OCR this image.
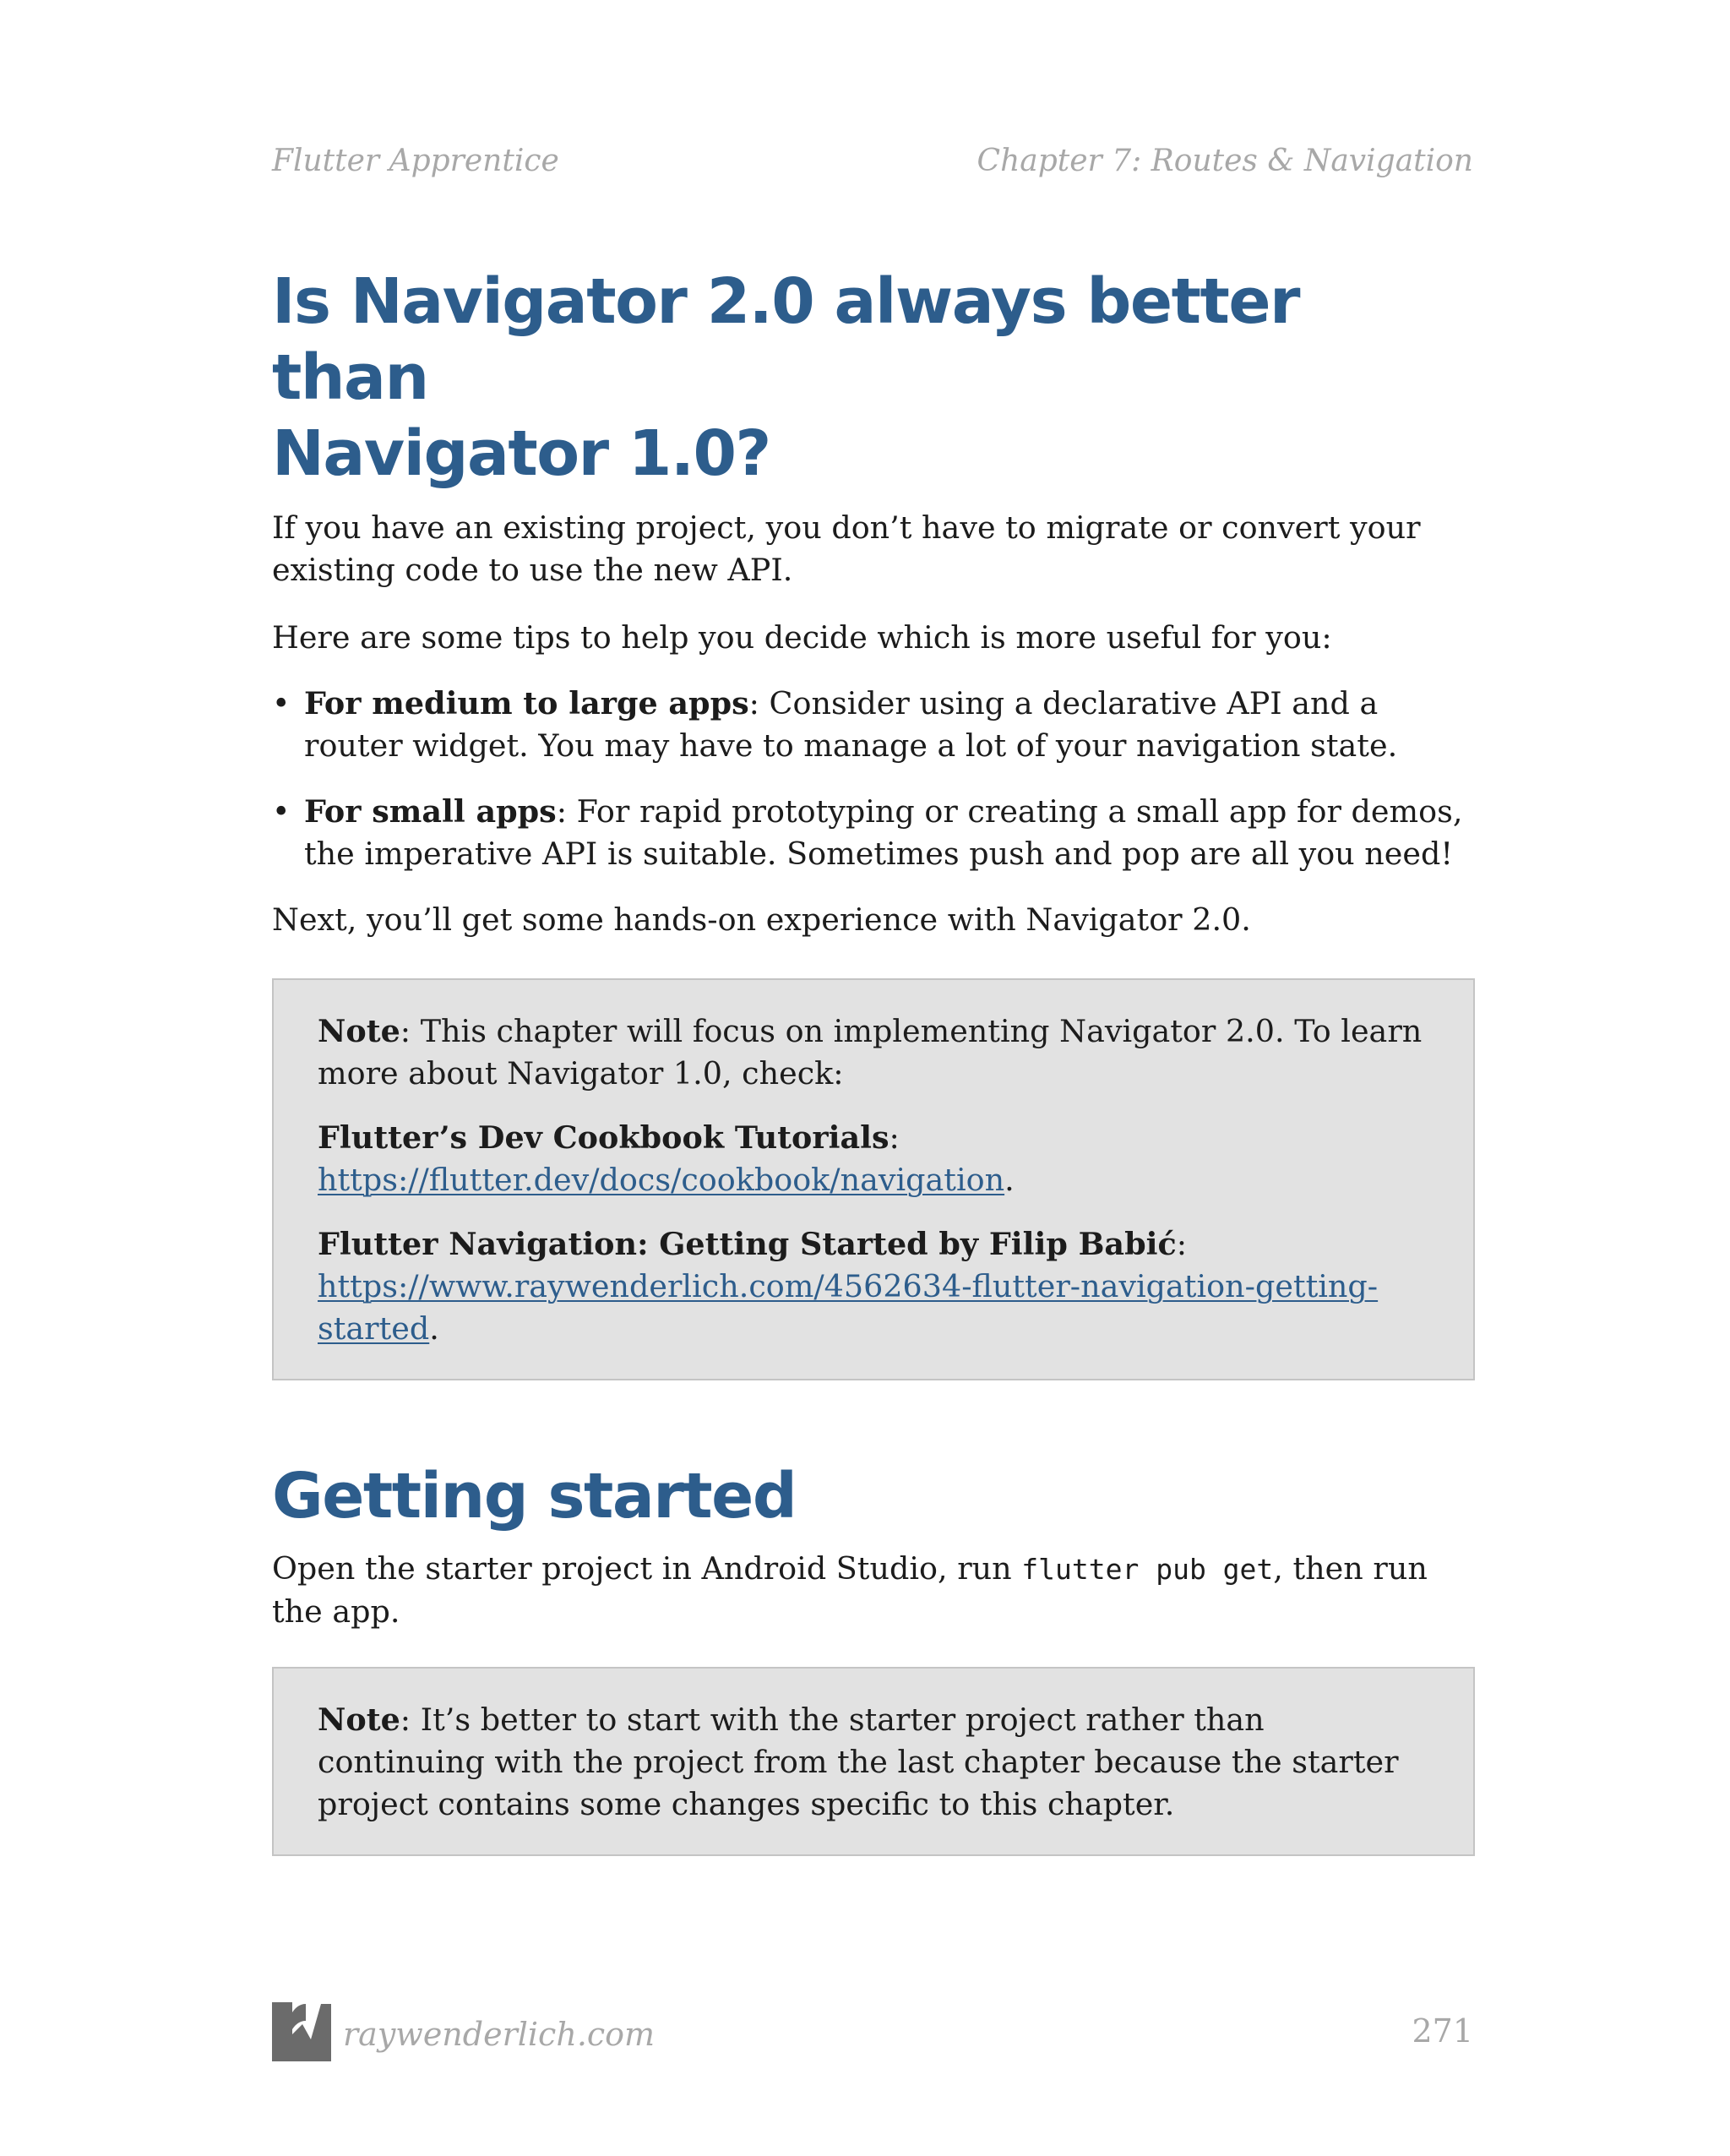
Flutter Apprentice	Chapter 7: Routes & Navigation
Is Navigator 2.0 always better than
Navigator 1.0?

If you have an existing project, you don’t have to migrate or convert your existing code to use the new API.

Here are some tips to help you decide which is more useful for you:

• For medium to large apps: Consider using a declarative API and a router widget. You may have to manage a lot of your navigation state.
• For small apps: For rapid prototyping or creating a small app for demos, the imperative API is suitable. Sometimes push and pop are all you need!

Next, you’ll get some hands-on experience with Navigator 2.0.

Note: This chapter will focus on implementing Navigator 2.0. To learn more about Navigator 1.0, check:

Flutter’s Dev Cookbook Tutorials: https://flutter.dev/docs/cookbook/navigation.

Flutter Navigation: Getting Started by Filip Babić: https://www.raywenderlich.com/4562634-flutter-navigation-getting-started.

Getting started

Open the starter project in Android Studio, run flutter pub get, then run the app.

Note: It’s better to start with the starter project rather than continuing with the project from the last chapter because the starter project contains some changes specific to this chapter.

raywenderlich.com	271
